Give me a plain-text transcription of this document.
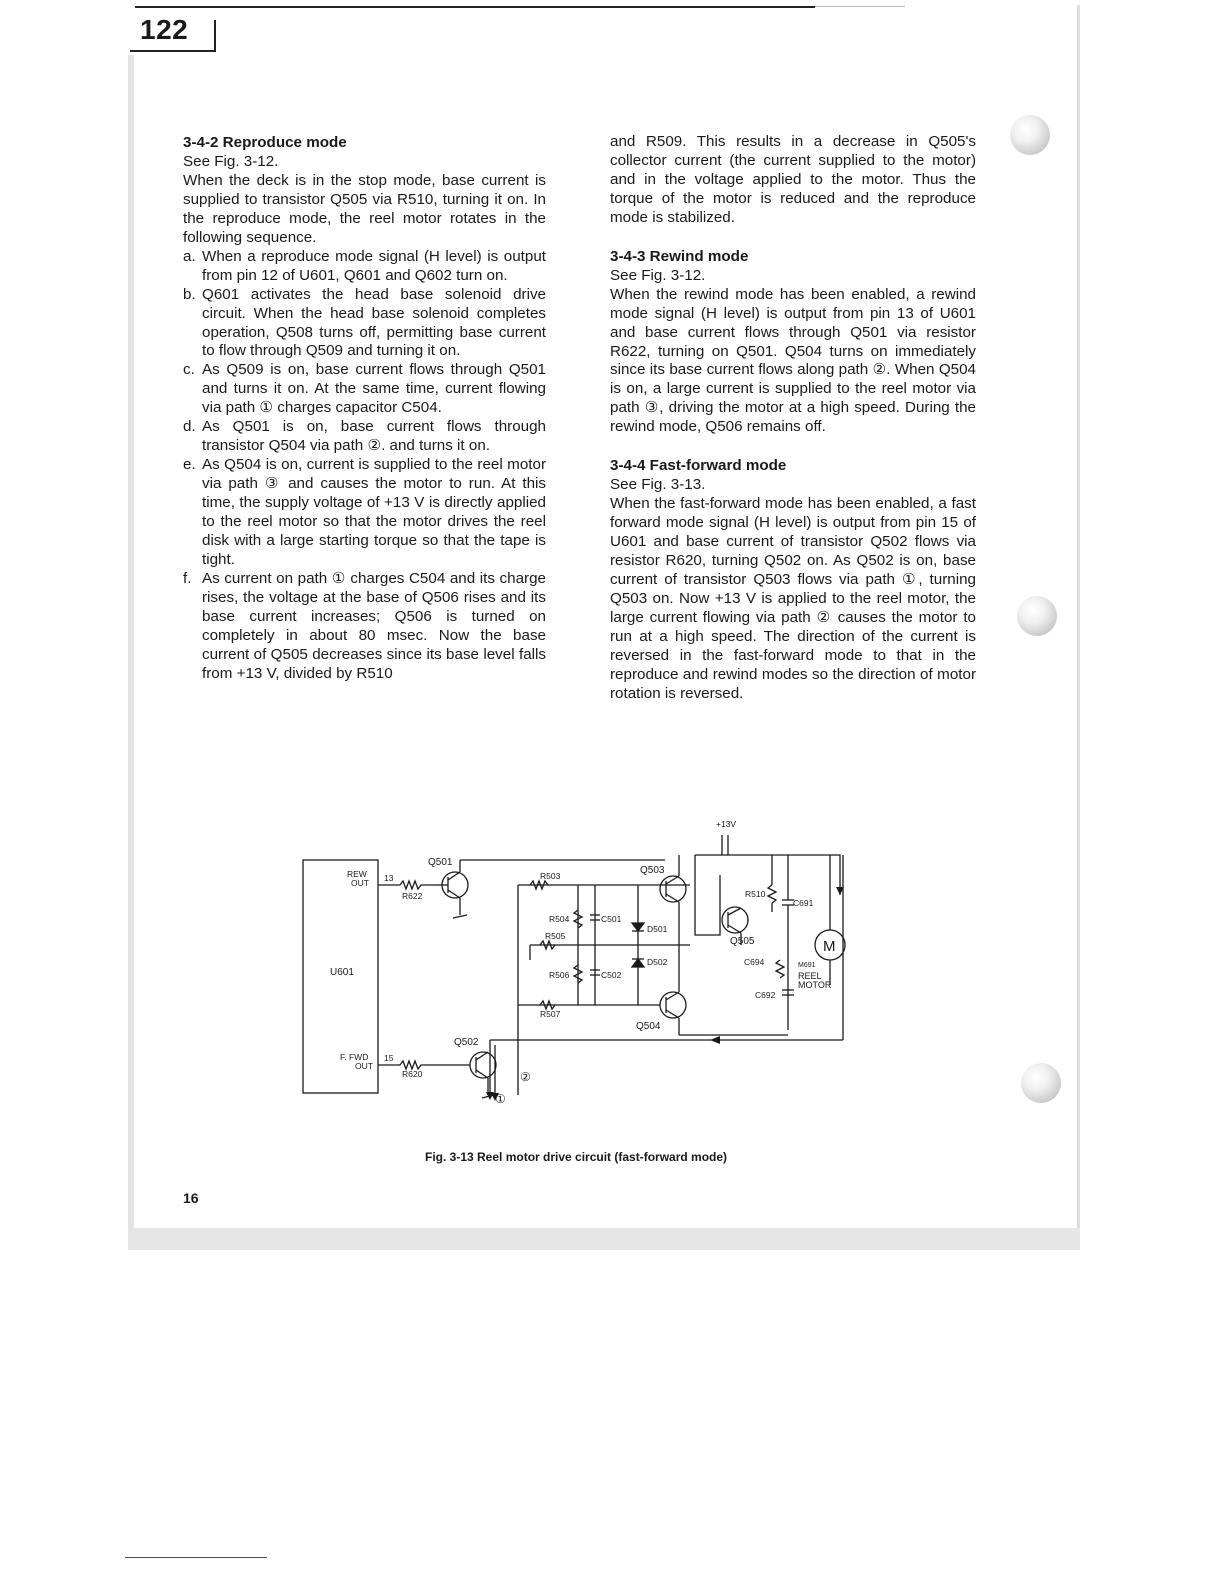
122
3-4-2 Reproduce mode

See Fig. 3-12.

When the deck is in the stop mode, base current is supplied to transistor Q505 via R510, turning it on. In the reproduce mode, the reel motor rotates in the following sequence.

a. When a reproduce mode signal (H level) is output from pin 12 of U601, Q601 and Q602 turn on.
b. Q601 activates the head base solenoid drive circuit. When the head base solenoid completes operation, Q508 turns off, permitting base current to flow through Q509 and turning it on.
c. As Q509 is on, base current flows through Q501 and turns it on. At the same time, current flowing via path ① charges capacitor C504.
d. As Q501 is on, base current flows through transistor Q504 via path ②. and turns it on.
e. As Q504 is on, current is supplied to the reel motor via path ③ and causes the motor to run. At this time, the supply voltage of +13 V is directly applied to the reel motor so that the motor drives the reel disk with a large starting torque so that the tape is tight.
f. As current on path ① charges C504 and its charge rises, the voltage at the base of Q506 rises and its base current increases; Q506 is turned on completely in about 80 msec. Now the base current of Q505 decreases since its base level falls from +13 V, divided by R510

and R509. This results in a decrease in Q505's collector current (the current supplied to the motor) and in the voltage applied to the motor. Thus the torque of the motor is reduced and the reproduce mode is stabilized.

3-4-3 Rewind mode

See Fig. 3-12.

When the rewind mode has been enabled, a rewind mode signal (H level) is output from pin 13 of U601 and base current flows through Q501 via resistor R622, turning on Q501. Q504 turns on immediately since its base current flows along path ②. When Q504 is on, a large current is supplied to the reel motor via path ③, driving the motor at a high speed. During the rewind mode, Q506 remains off.

3-4-4 Fast-forward mode

See Fig. 3-13.

When the fast-forward mode has been enabled, a fast forward mode signal (H level) is output from pin 15 of U601 and base current of transistor Q502 flows via resistor R620, turning Q502 on. As Q502 is on, base current of transistor Q503 flows via path ①, turning Q503 on. Now +13 V is applied to the reel motor, the large current flowing via path ② causes the motor to run at a high speed. The direction of the current is reversed in the fast-forward mode to that in the reproduce and rewind modes so the direction of motor rotation is reversed.

+13V
REW
OUT 13
R622
Q501
U601
F. FWD
OUT
15
R620
Q502
Q503
Q504
Q505
R503
R504
R505
R506
R507
R510
C501
C502
C691
C692
C694
D501
D502
M
M691
REEL
MOTOR
①
②
Fig. 3-13 Reel motor drive circuit (fast-forward mode)
16
